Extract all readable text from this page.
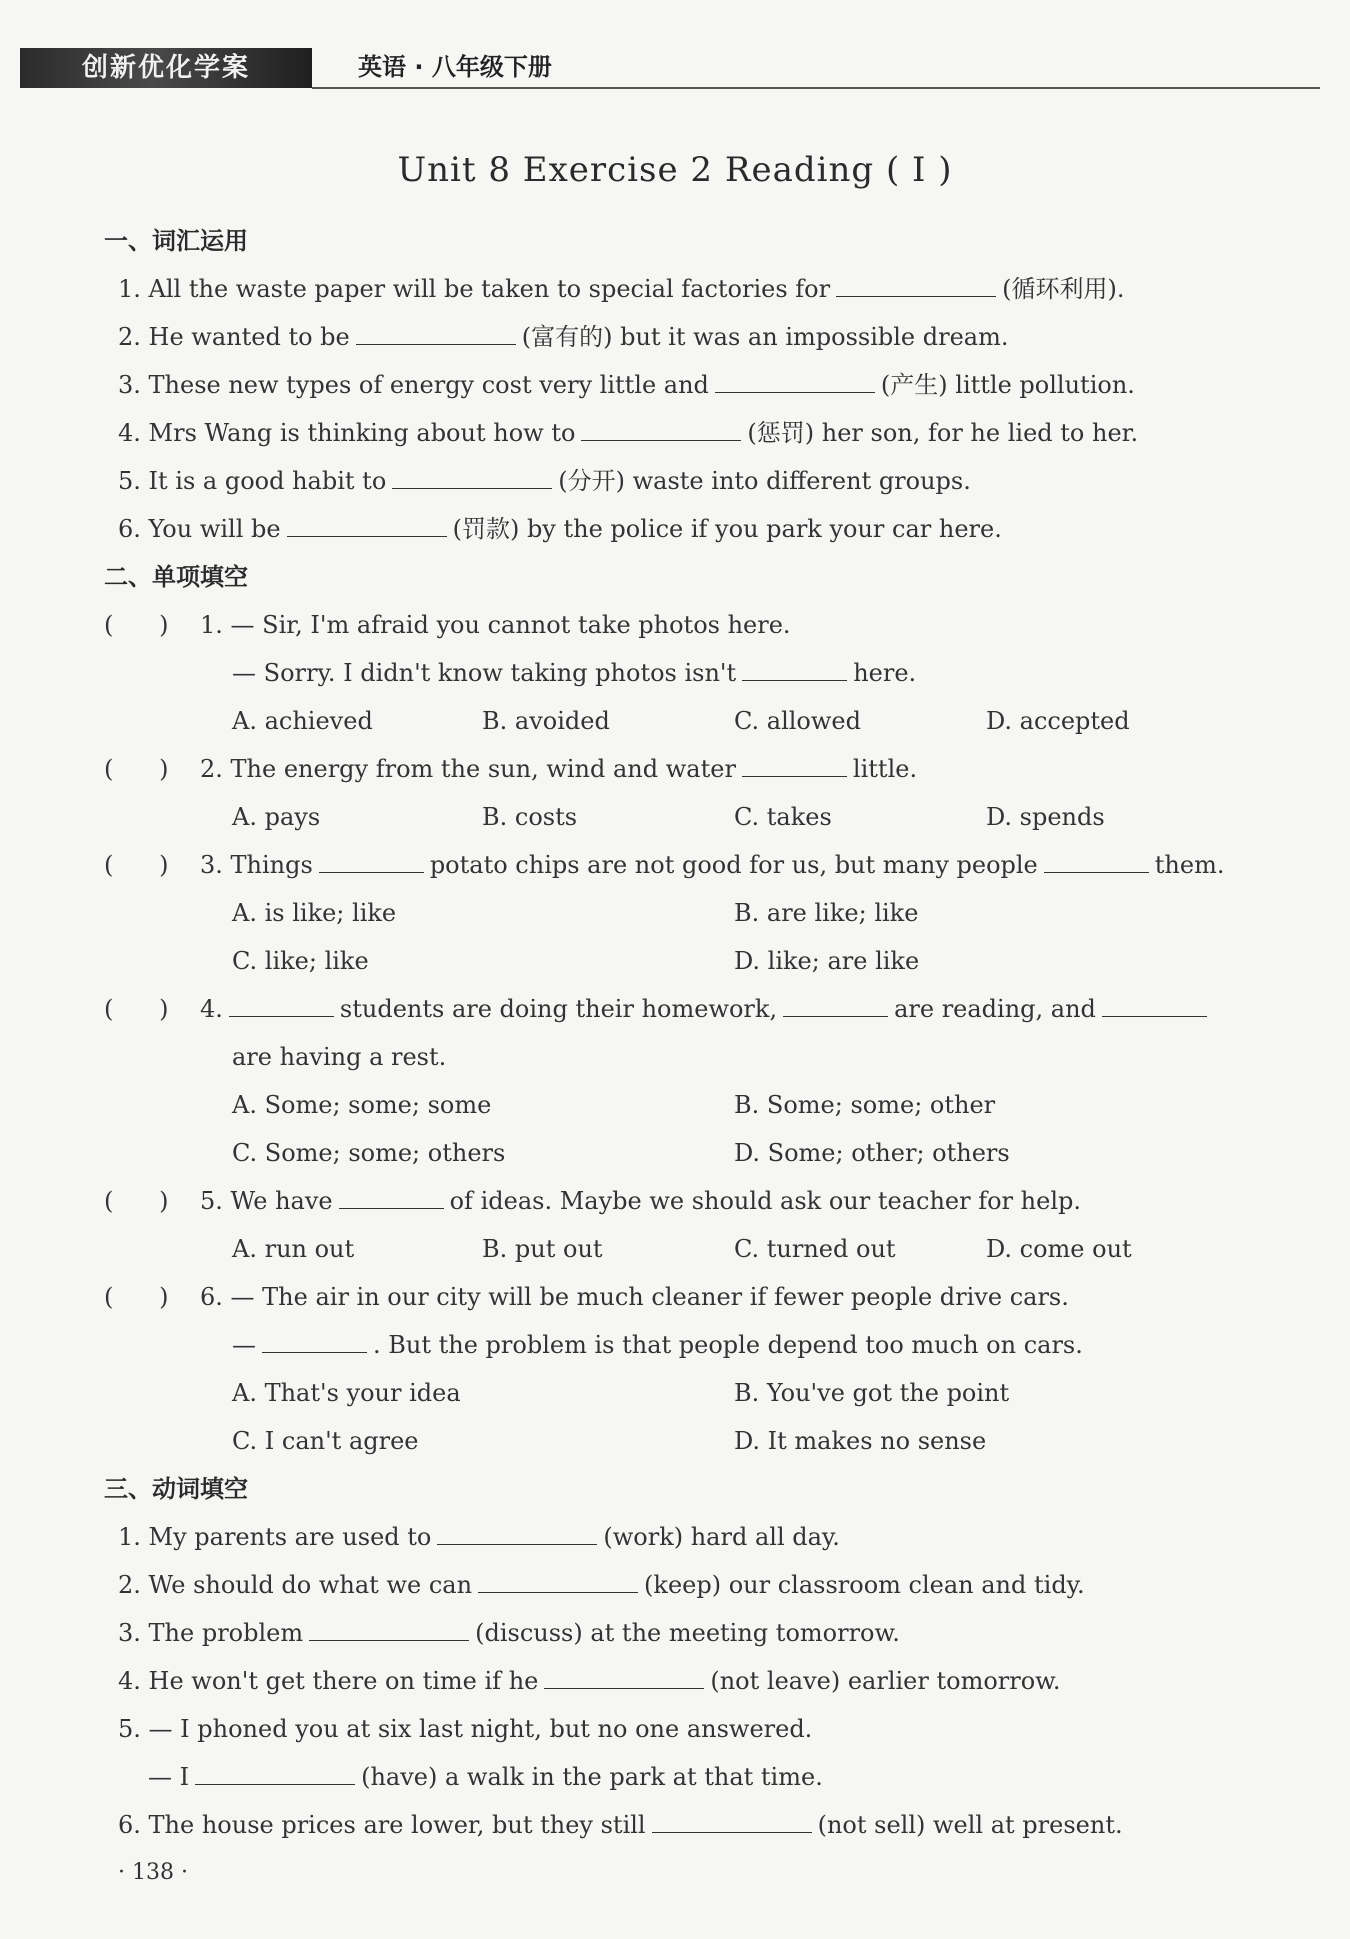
创新优化学案	英语 · 八年级下册
Unit 8 Exercise 2 Reading ( Ⅰ )
一、词汇运用
1. All the waste paper will be taken to special factories for	(循环利用).
2. He wanted to be	(富有的) but it was an impossible dream.
3. These new types of energy cost very little and	(产生) little pollution.
4. Mrs Wang is thinking about how to	(惩罚) her son, for he lied to her.
5. It is a good habit to	(分开) waste into different groups.
6. You will be	(罚款) by the police if you park your car here.
二、单项填空
(      ) 1. — Sir, I'm afraid you cannot take photos here.
— Sorry. I didn't know taking photos isn't	here.
A. achieved	B. avoided	C. allowed	D. accepted
(      ) 2. The energy from the sun, wind and water	little.
A. pays	B. costs	C. takes	D. spends
(      ) 3. Things	potato chips are not good for us, but many people	them.
A. is like; like	B. are like; like
C. like; like	D. like; are like
(      ) 4.	students are doing their homework,	are reading, and
are having a rest.
A. Some; some; some	B. Some; some; other
C. Some; some; others	D. Some; other; others
(      ) 5. We have	of ideas. Maybe we should ask our teacher for help.
A. run out	B. put out	C. turned out	D. come out
(      ) 6. — The air in our city will be much cleaner if fewer people drive cars.
—	. But the problem is that people depend too much on cars.
A. That's your idea	B. You've got the point
C. I can't agree	D. It makes no sense
三、动词填空
1. My parents are used to	(work) hard all day.
2. We should do what we can	(keep) our classroom clean and tidy.
3. The problem	(discuss) at the meeting tomorrow.
4. He won't get there on time if he	(not leave) earlier tomorrow.
5. — I phoned you at six last night, but no one answered.
— I	(have) a walk in the park at that time.
6. The house prices are lower, but they still	(not sell) well at present.
· 138 ·
